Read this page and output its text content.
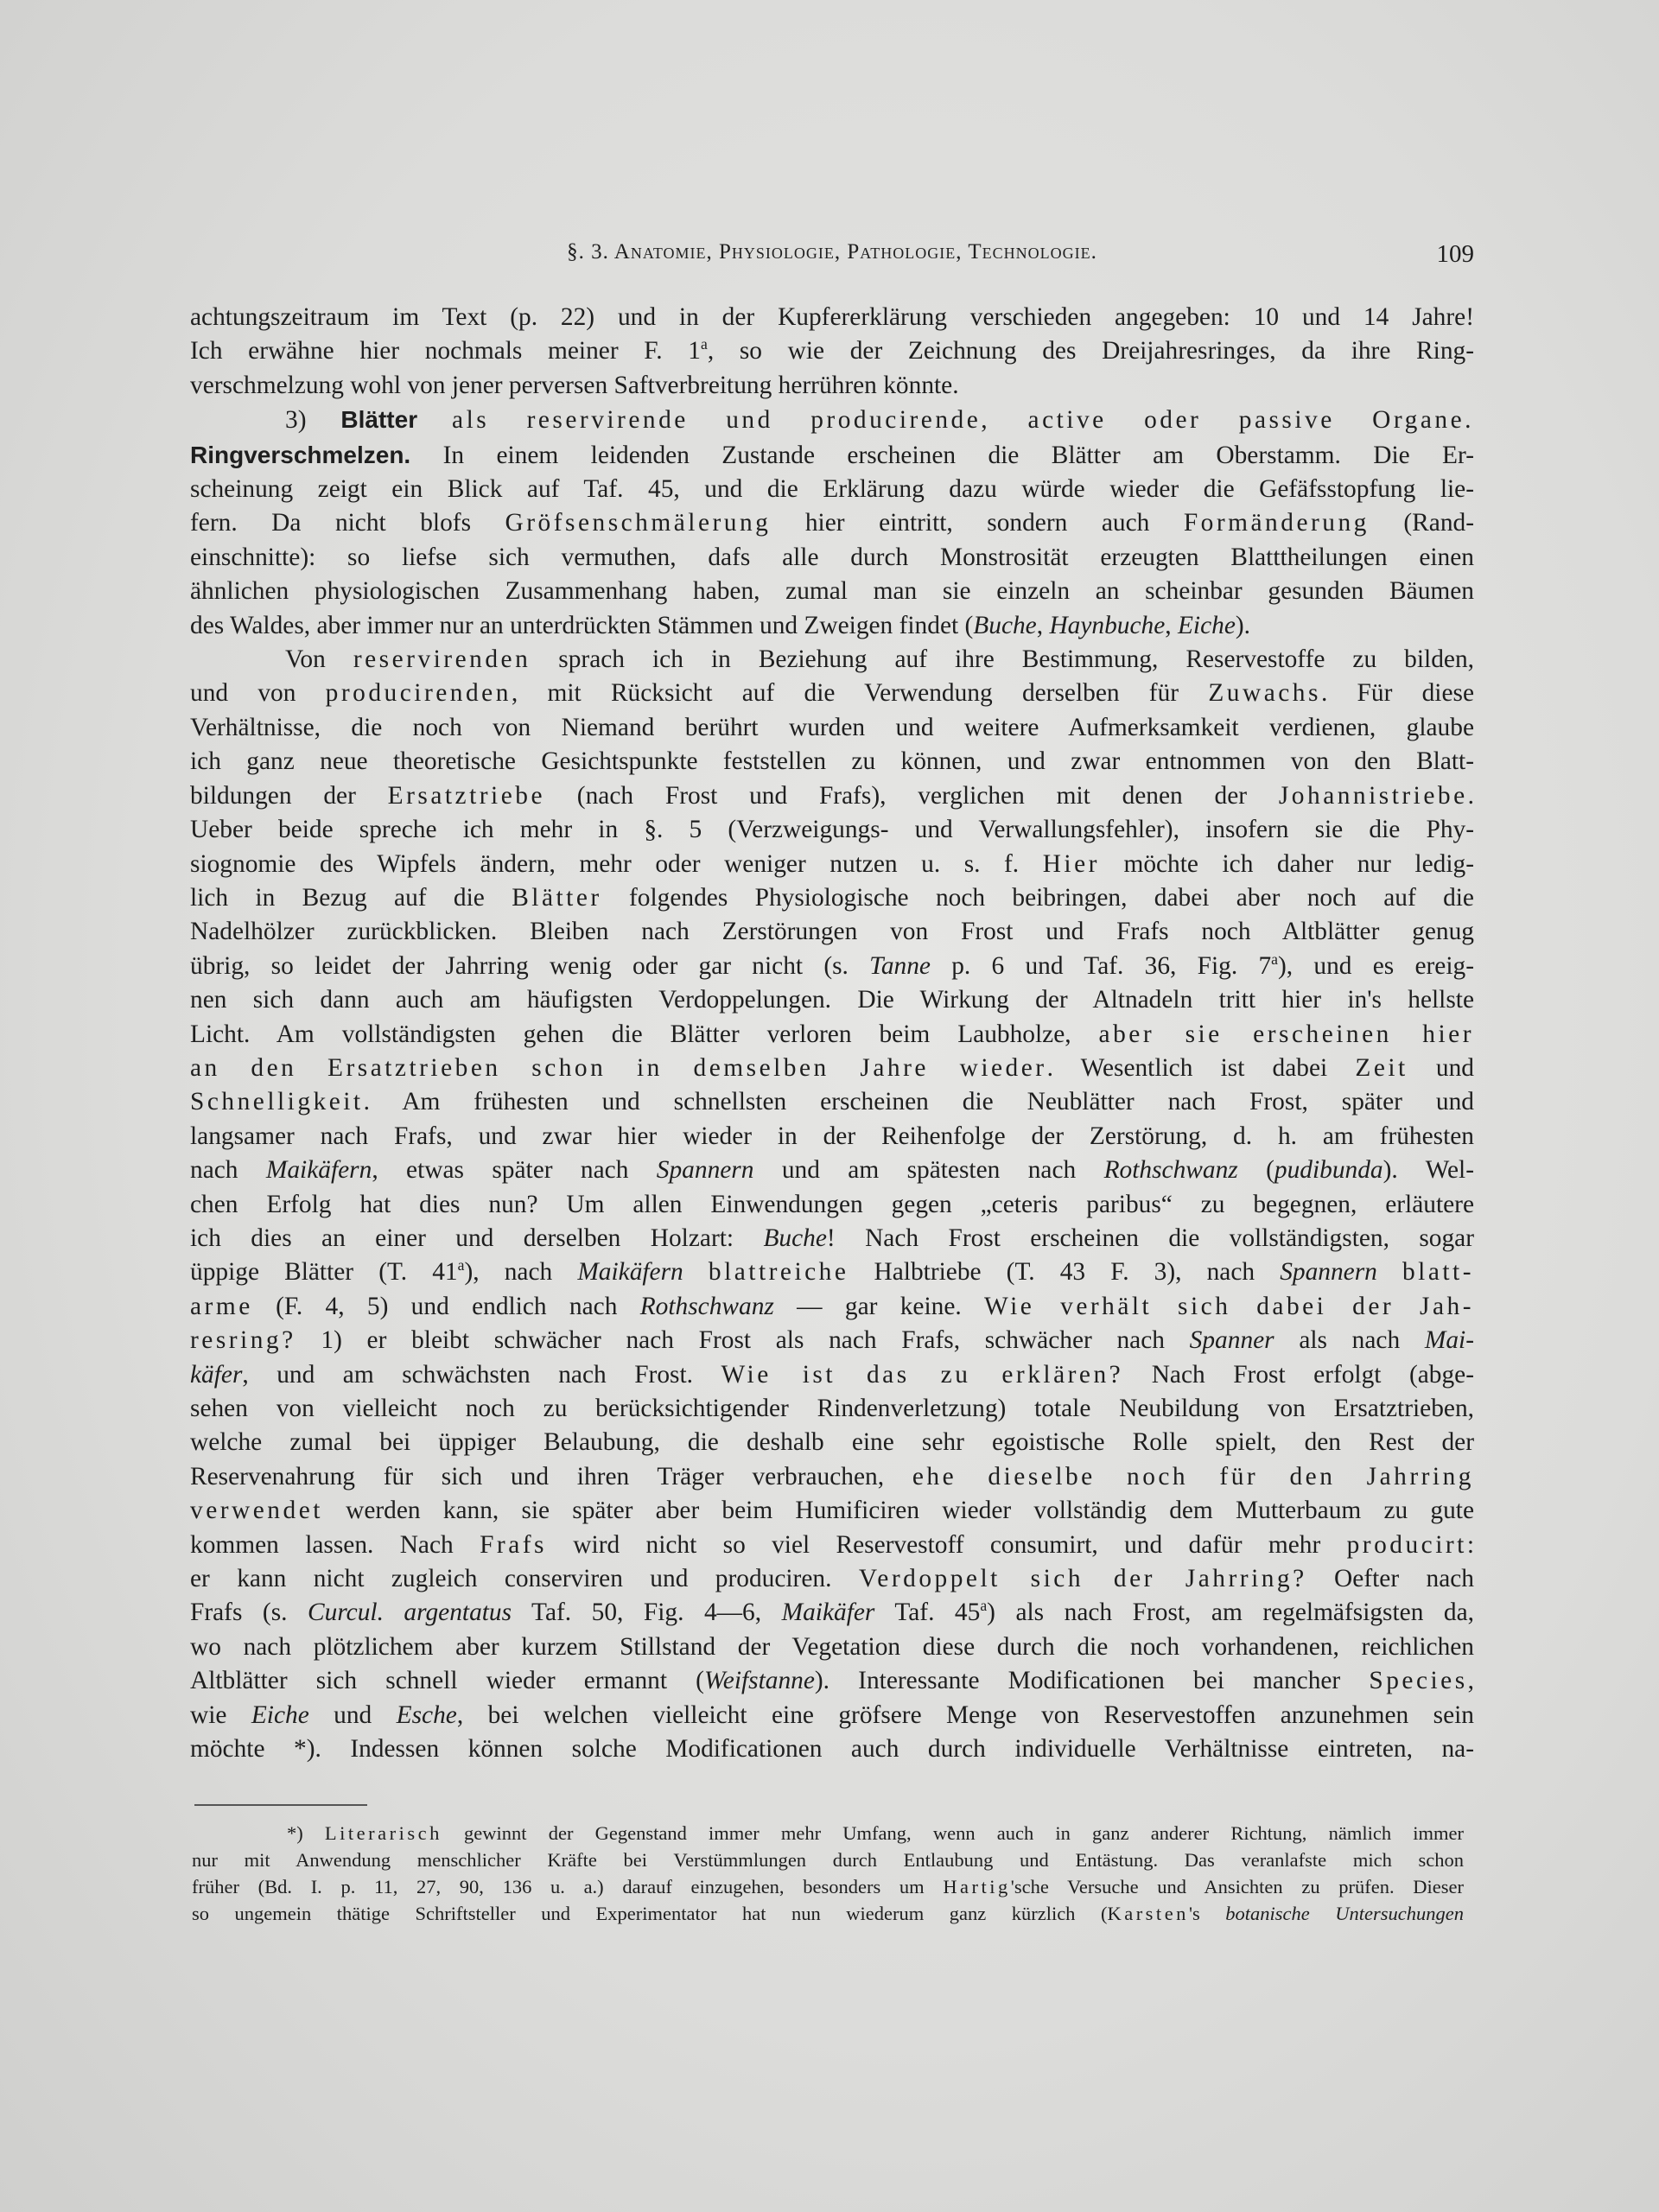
§. 3. Anatomie, Physiologie, Pathologie, Technologie.	109
achtungszeitraum im Text (p. 22) und in der Kupfererklärung verschieden angegeben: 10 und 14 Jahre!
Ich erwähne hier nochmals meiner F. 1$^a$, so wie der Zeichnung des Dreijahresringes, da ihre Ring-
verschmelzung wohl von jener perversen Saftverbreitung herrühren könnte.
3) Blätter als reservirende und producirende, active oder passive Organe.
Ringverschmelzen. In einem leidenden Zustande erscheinen die Blätter am Oberstamm. Die Er-
scheinung zeigt ein Blick auf Taf. 45, und die Erklärung dazu würde wieder die Gefäfsstopfung lie-
fern. Da nicht blofs Gröfsenschmälerung hier eintritt, sondern auch Formänderung (Rand-
einschnitte): so liefse sich vermuthen, dafs alle durch Monstrosität erzeugten Blatttheilungen einen
ähnlichen physiologischen Zusammenhang haben, zumal man sie einzeln an scheinbar gesunden Bäumen
des Waldes, aber immer nur an unterdrückten Stämmen und Zweigen findet (Buche, Haynbuche, Eiche).
Von reservirenden sprach ich in Beziehung auf ihre Bestimmung, Reservestoffe zu bilden,
und von producirenden, mit Rücksicht auf die Verwendung derselben für Zuwachs. Für diese
Verhältnisse, die noch von Niemand berührt wurden und weitere Aufmerksamkeit verdienen, glaube
ich ganz neue theoretische Gesichtspunkte feststellen zu können, und zwar entnommen von den Blatt-
bildungen der Ersatztriebe (nach Frost und Frafs), verglichen mit denen der Johannistriebe.
Ueber beide spreche ich mehr in §. 5 (Verzweigungs- und Verwallungsfehler), insofern sie die Phy-
siognomie des Wipfels ändern, mehr oder weniger nutzen u. s. f. Hier möchte ich daher nur ledig-
lich in Bezug auf die Blätter folgendes Physiologische noch beibringen, dabei aber noch auf die
Nadelhölzer zurückblicken. Bleiben nach Zerstörungen von Frost und Frafs noch Altblätter genug
übrig, so leidet der Jahrring wenig oder gar nicht (s. Tanne p. 6 und Taf. 36, Fig. 7$^a$), und es ereig-
nen sich dann auch am häufigsten Verdoppelungen. Die Wirkung der Altnadeln tritt hier in's hellste
Licht. Am vollständigsten gehen die Blätter verloren beim Laubholze, aber sie erscheinen hier
an den Ersatztrieben schon in demselben Jahre wieder. Wesentlich ist dabei Zeit und
Schnelligkeit. Am frühesten und schnellsten erscheinen die Neublätter nach Frost, später und
langsamer nach Frafs, und zwar hier wieder in der Reihenfolge der Zerstörung, d. h. am frühesten
nach Maikäfern, etwas später nach Spannern und am spätesten nach Rothschwanz (pudibunda). Wel-
chen Erfolg hat dies nun? Um allen Einwendungen gegen „ceteris paribus“ zu begegnen, erläutere
ich dies an einer und derselben Holzart: Buche! Nach Frost erscheinen die vollständigsten, sogar
üppige Blätter (T. 41$^a$), nach Maikäfern blattreiche Halbtriebe (T. 43 F. 3), nach Spannern blatt-
arme (F. 4, 5) und endlich nach Rothschwanz — gar keine. Wie verhält sich dabei der Jah-
resring? 1) er bleibt schwächer nach Frost als nach Frafs, schwächer nach Spanner als nach Mai-
käfer, und am schwächsten nach Frost. Wie ist das zu erklären? Nach Frost erfolgt (abge-
sehen von vielleicht noch zu berücksichtigender Rindenverletzung) totale Neubildung von Ersatztrieben,
welche zumal bei üppiger Belaubung, die deshalb eine sehr egoistische Rolle spielt, den Rest der
Reservenahrung für sich und ihren Träger verbrauchen, ehe dieselbe noch für den Jahrring
verwendet werden kann, sie später aber beim Humificiren wieder vollständig dem Mutterbaum zu gute
kommen lassen. Nach Frafs wird nicht so viel Reservestoff consumirt, und dafür mehr producirt:
er kann nicht zugleich conserviren und produciren. Verdoppelt sich der Jahrring? Oefter nach
Frafs (s. Curcul. argentatus Taf. 50, Fig. 4—6, Maikäfer Taf. 45$^a$) als nach Frost, am regelmäfsigsten da,
wo nach plötzlichem aber kurzem Stillstand der Vegetation diese durch die noch vorhandenen, reichlichen
Altblätter sich schnell wieder ermannt (Weifstanne). Interessante Modificationen bei mancher Species,
wie Eiche und Esche, bei welchen vielleicht eine gröfsere Menge von Reservestoffen anzunehmen sein
möchte *). Indessen können solche Modificationen auch durch individuelle Verhältnisse eintreten, na-
*) Literarisch gewinnt der Gegenstand immer mehr Umfang, wenn auch in ganz anderer Richtung, nämlich immer
nur mit Anwendung menschlicher Kräfte bei Verstümmlungen durch Entlaubung und Entästung. Das veranlafste mich schon
früher (Bd. I. p. 11, 27, 90, 136 u. a.) darauf einzugehen, besonders um Hartig'sche Versuche und Ansichten zu prüfen. Dieser
so ungemein thätige Schriftsteller und Experimentator hat nun wiederum ganz kürzlich (Karsten's botanische Untersuchungen
